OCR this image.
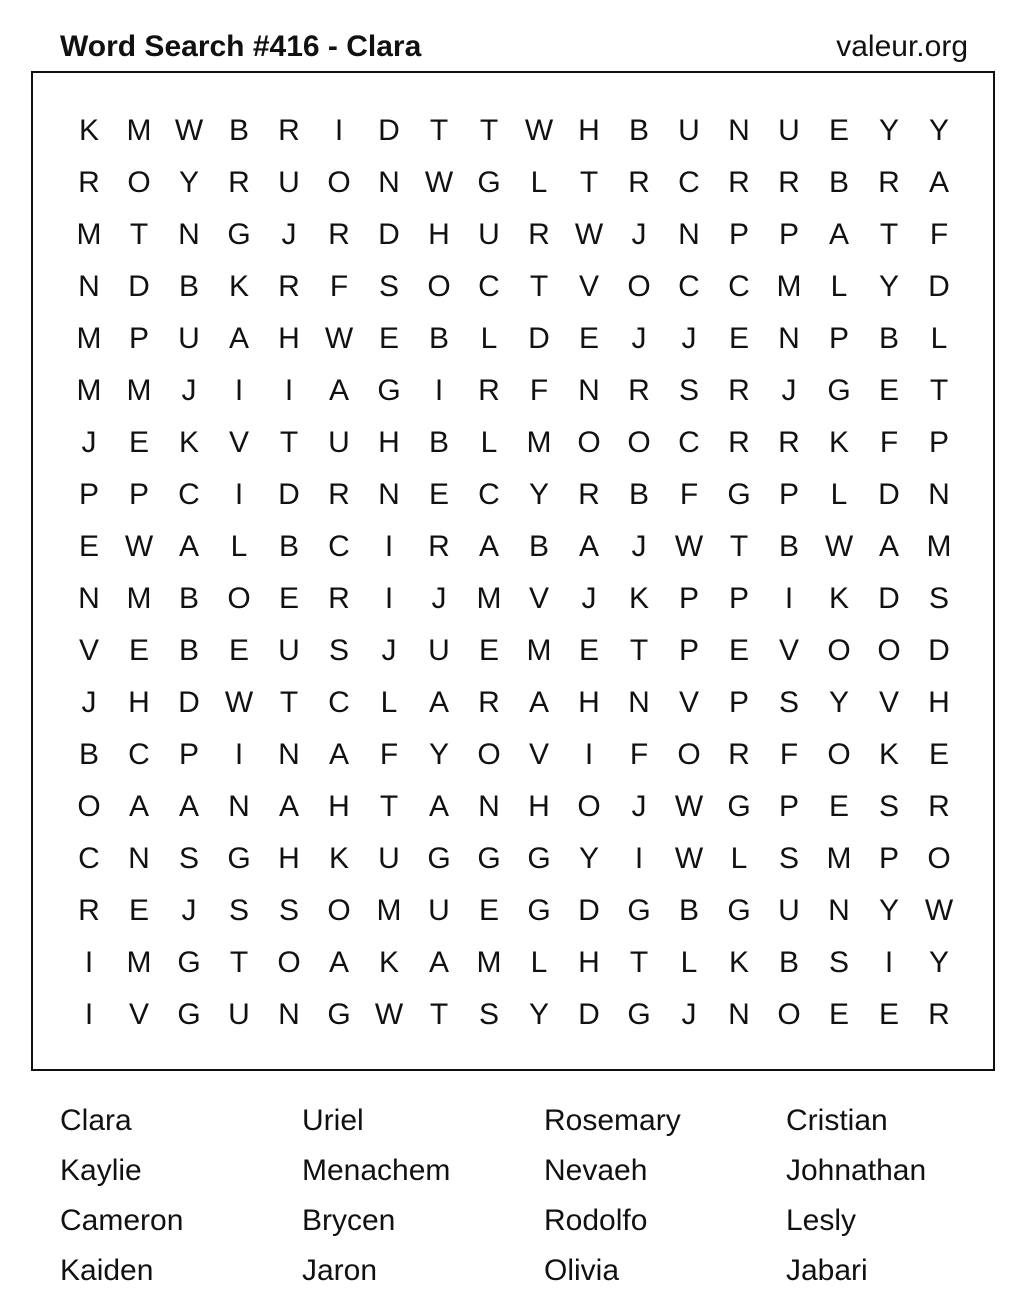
Word Search #416 - Clara	valeur.org
K M W B R	I	D	T	T W H B U N U E Y Y
R O Y R U O N W G L	T	R C R R B R A
M T	N G	J	R D H U R W J	N P P A	T	F
N D B K R	F	S O C	T	V O C C M L	Y D
M P U A H W E B	L	D E	J	J	E N P B	L
M M	J	I	I	A G	I	R	F	N R S R	J	G E	T
J	E K V	T	U H B	L M O O C R R K	F	P
P P C	I	D R N E C Y R B	F G P	L	D N
E W A	L	B C	I	R A B A	J W T	B W A M
N M B O E R	I	J	M V	J	K P P	I	K D S
V E B E U S	J	U E M E	T	P E V O O D
J	H D W T	C	L	A R A H N V P S Y V H
B C P	I	N A	F	Y O V	I	F O R	F O K E
O A A N A H	T	A N H O	J W G P E S R
C N S G H K U G G G Y	I	W L	S M P O
R E	J	S S O M U E G D G B G U N Y W
I	M G T O A K A M L	H	T	L	K B S	I	Y
I	V G U N G W T	S Y D G	J	N O E E R
Clara	Uriel	Rosemary	Cristian
Kaylie	Menachem	Nevaeh	Johnathan
Cameron	Brycen	Rodolfo	Lesly
Kaiden	Jaron	Olivia	Jabari
